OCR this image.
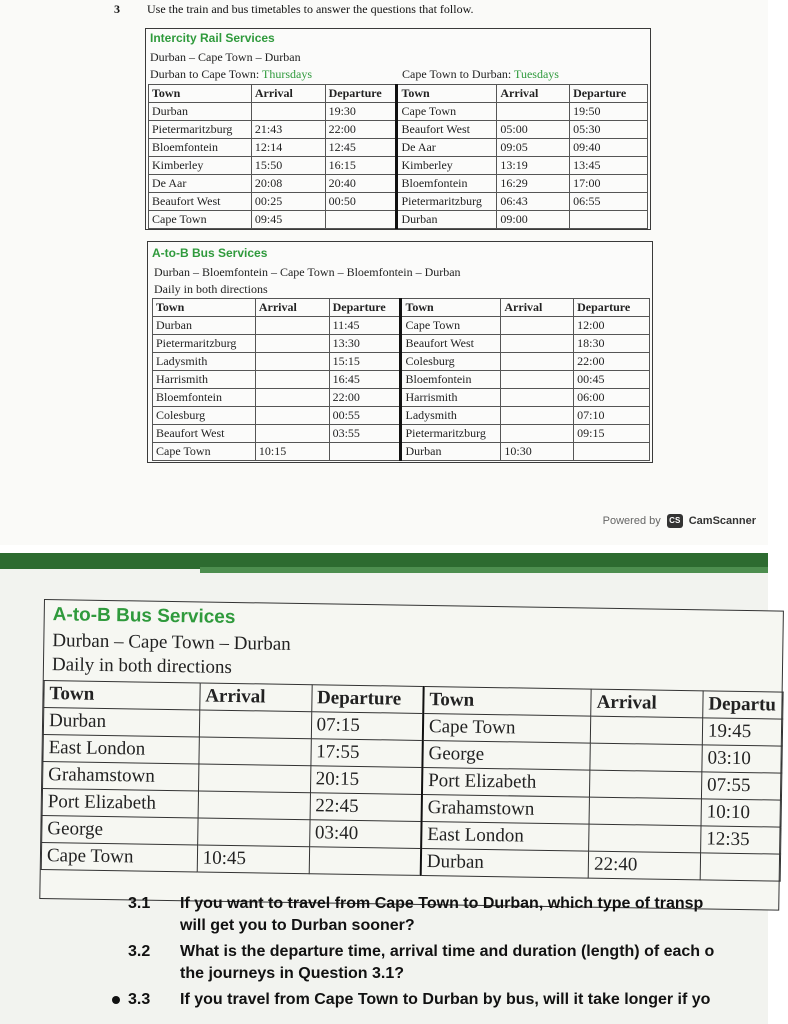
3 Use the train and bus timetables to answer the questions that follow.
Intercity Rail Services
Durban – Cape Town – Durban
Durban to Cape Town: Thursdays	Cape Town to Durban: Tuesdays
Town	Arrival	Departure	Town	Arrival	Departure
Durban		19:30	Cape Town		19:50
Pietermaritzburg	21:43	22:00	Beaufort West	05:00	05:30
Bloemfontein	12:14	12:45	De Aar	09:05	09:40
Kimberley	15:50	16:15	Kimberley	13:19	13:45
De Aar	20:08	20:40	Bloemfontein	16:29	17:00
Beaufort West	00:25	00:50	Pietermaritzburg	06:43	06:55
Cape Town	09:45		Durban	09:00	
A-to-B Bus Services
Durban – Bloemfontein – Cape Town – Bloemfontein – Durban
Daily in both directions
Town	Arrival	Departure	Town	Arrival	Departure
Durban		11:45	Cape Town		12:00
Pietermaritzburg		13:30	Beaufort West		18:30
Ladysmith		15:15	Colesburg		22:00
Harrismith		16:45	Bloemfontein		00:45
Bloemfontein		22:00	Harrismith		06:00
Colesburg		00:55	Ladysmith		07:10
Beaufort West		03:55	Pietermaritzburg		09:15
Cape Town	10:15		Durban	10:30	
Powered by	CS CamScanner
A-to-B Bus Services
Durban – Cape Town – Durban
Daily in both directions
Town	Arrival	Departure	Town	Arrival	Departu
Durban		07:15	Cape Town		19:45
East London		17:55	George		03:10
Grahamstown		20:15	Port Elizabeth		07:55
Port Elizabeth		22:45	Grahamstown		10:10
George		03:40	East London		12:35
Cape Town	10:45		Durban	22:40	
3.1 If you want to travel from Cape Town to Durban, which type of transp
will get you to Durban sooner?
3.2 What is the departure time, arrival time and duration (length) of each o
the journeys in Question 3.1?
3.3 If you travel from Cape Town to Durban by bus, will it take longer if yo
